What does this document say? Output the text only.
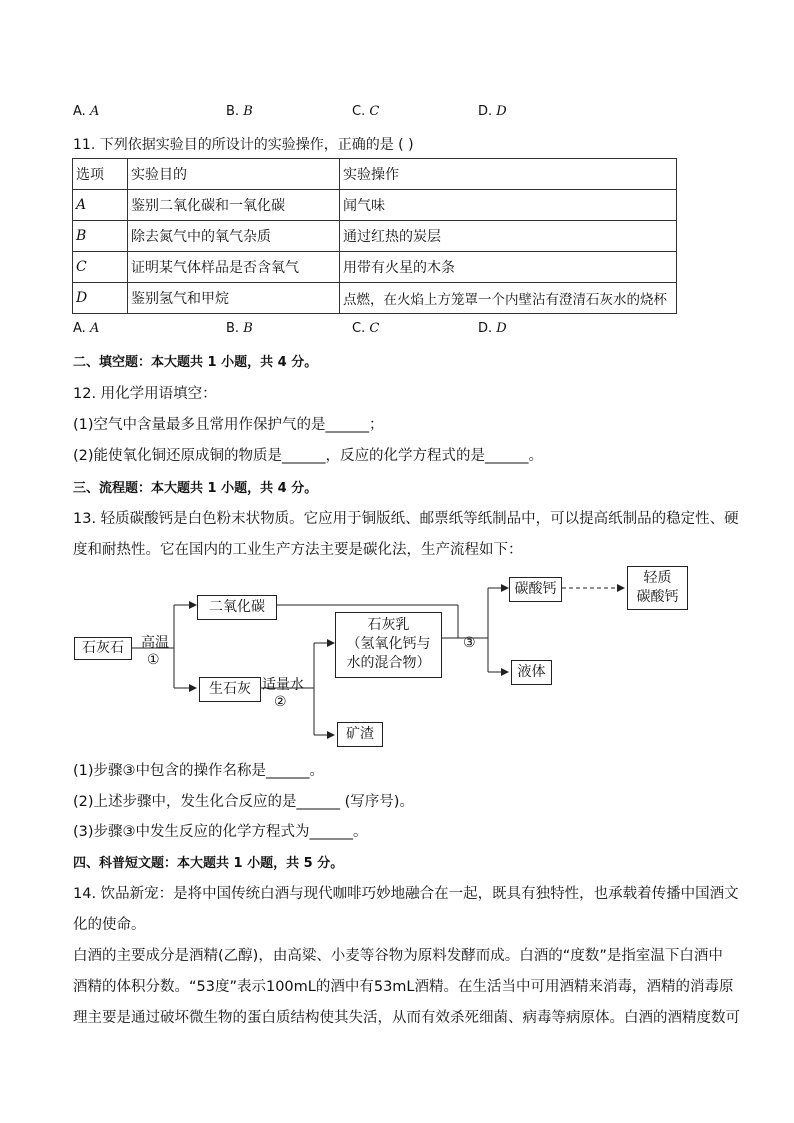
A. A	B. B	C. C	D. D
11. 下列依据实验目的所设计的实验操作，正确的是 ( )
选项	实验目的	实验操作
A	鉴别二氧化碳和一氧化碳	闻气味
B	除去氮气中的氧气杂质	通过红热的炭层
C	证明某气体样品是否含氧气	用带有火星的木条
D	鉴别氢气和甲烷	点燃，在火焰上方笼罩一个内壁沾有澄清石灰水的烧杯
A. A	B. B	C. C	D. D
二、填空题：本大题共 1 小题，共 4 分。
12. 用化学用语填空：
(1)空气中含量最多且常用作保护气的是______；
(2)能使氧化铜还原成铜的物质是______，反应的化学方程式的是______。
三、流程题：本大题共 1 小题，共 4 分。
13. 轻质碳酸钙是白色粉末状物质。它应用于铜版纸、邮票纸等纸制品中，可以提高纸制品的稳定性、硬
度和耐热性。它在国内的工业生产方法主要是碳化法，生产流程如下：
石灰石	高温
①
二氧化碳
生石灰 适量水
②
石灰乳
（氢氧化钙与
水的混合物）
矿渣
③
碳酸钙
液体
轻质
碳酸钙
(1)步骤③中包含的操作名称是______。
(2)上述步骤中，发生化合反应的是______ (写序号)。
(3)步骤③中发生反应的化学方程式为______。
四、科普短文题：本大题共 1 小题，共 5 分。
14. 饮品新宠：是将中国传统白酒与现代咖啡巧妙地融合在一起，既具有独特性，也承载着传播中国酒文
化的使命。
白酒的主要成分是酒精(乙醇)，由高粱、小麦等谷物为原料发酵而成。白酒的“度数”是指室温下白酒中
酒精的体积分数。“53度”表示100mL的酒中有53mL酒精。在生活当中可用酒精来消毒，酒精的消毒原
理主要是通过破坏微生物的蛋白质结构使其失活，从而有效杀死细菌、病毒等病原体。白酒的酒精度数可
